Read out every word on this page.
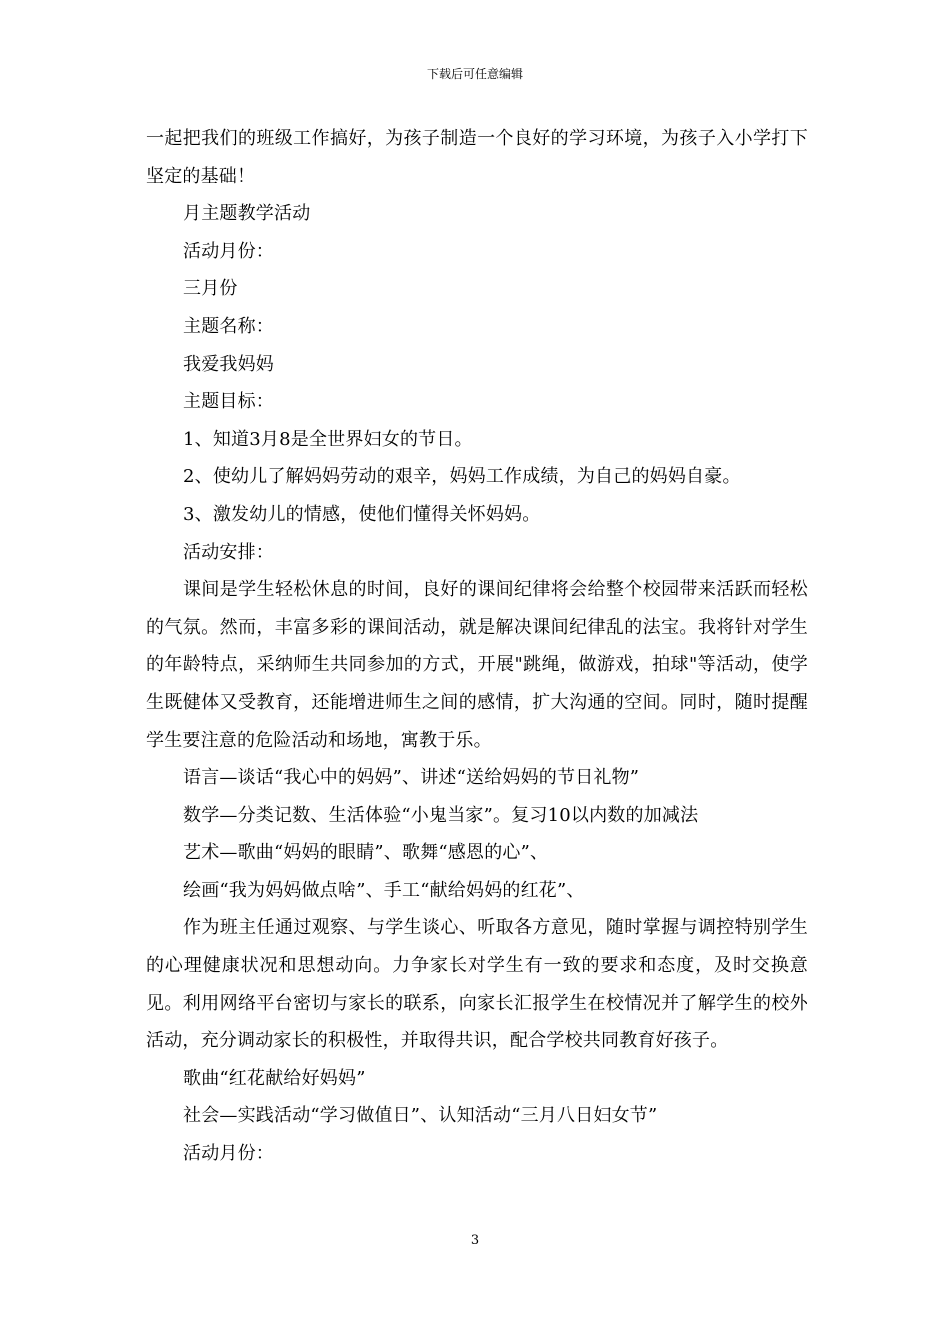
下载后可任意编辑

一起把我们的班级工作搞好，为孩子制造一个良好的学习环境，为孩子入小学打下坚定的基础！

月主题教学活动

活动月份：

三月份

主题名称：

我爱我妈妈

主题目标：

1、知道3月8是全世界妇女的节日。

2、使幼儿了解妈妈劳动的艰辛，妈妈工作成绩，为自己的妈妈自豪。

3、激发幼儿的情感，使他们懂得关怀妈妈。

活动安排：

课间是学生轻松休息的时间，良好的课间纪律将会给整个校园带来活跃而轻松的气氛。然而，丰富多彩的课间活动，就是解决课间纪律乱的法宝。我将针对学生的年龄特点，采纳师生共同参加的方式，开展"跳绳，做游戏，拍球"等活动，使学生既健体又受教育，还能增进师生之间的感情，扩大沟通的空间。同时，随时提醒学生要注意的危险活动和场地，寓教于乐。

语言—谈话“我心中的妈妈”、讲述“送给妈妈的节日礼物”

数学—分类记数、生活体验“小鬼当家”。复习10以内数的加减法

艺术—歌曲“妈妈的眼睛”、歌舞“感恩的心”、

绘画“我为妈妈做点啥”、手工“献给妈妈的红花”、

作为班主任通过观察、与学生谈心、听取各方意见，随时掌握与调控特别学生的心理健康状况和思想动向。力争家长对学生有一致的要求和态度，及时交换意见。利用网络平台密切与家长的联系，向家长汇报学生在校情况并了解学生的校外活动，充分调动家长的积极性，并取得共识，配合学校共同教育好孩子。

歌曲“红花献给好妈妈”

社会—实践活动“学习做值日”、认知活动“三月八日妇女节”

活动月份：

3
